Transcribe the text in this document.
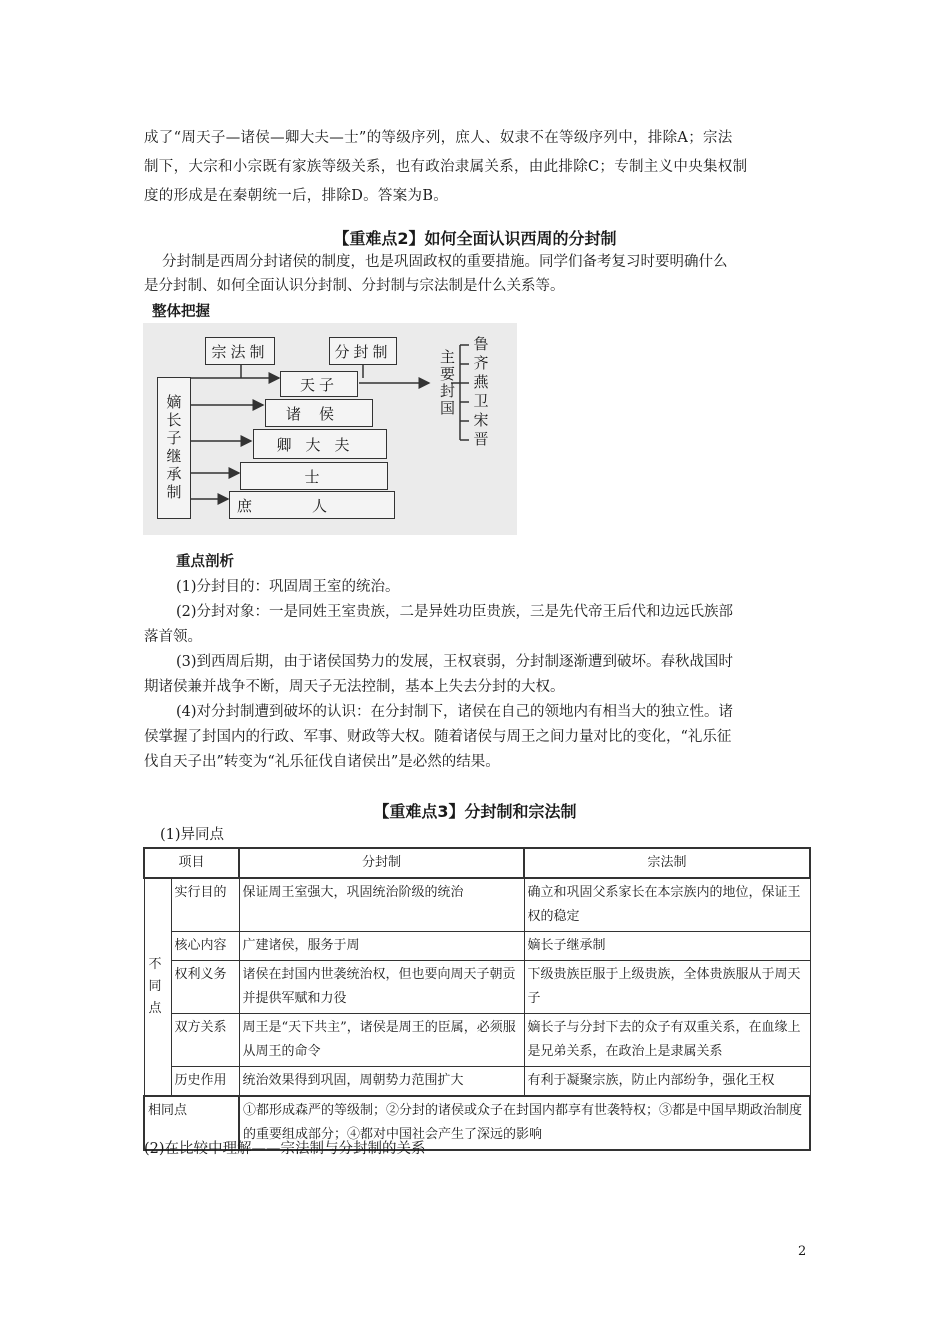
成了“周天子—诸侯—卿大夫—士”的等级序列，庶人、奴隶不在等级序列中，排除A；宗法
制下，大宗和小宗既有家族等级关系，也有政治隶属关系，由此排除C；专制主义中央集权制
度的形成是在秦朝统一后，排除D。答案为B。
【重难点2】如何全面认识西周的分封制
分封制是西周分封诸侯的制度，也是巩固政权的重要措施。同学们备考复习时要明确什么
是分封制、如何全面认识分封制、分封制与宗法制是什么关系等。
整体把握
宗法制	分封制
嫡长子继承制
天子
诸侯
卿大夫
士
庶人
主要封国
鲁
齐
燕
卫
宋
晋
重点剖析
(1)分封目的：巩固周王室的统治。
(2)分封对象：一是同姓王室贵族，二是异姓功臣贵族，三是先代帝王后代和边远氏族部
落首领。
(3)到西周后期，由于诸侯国势力的发展，王权衰弱，分封制逐渐遭到破坏。春秋战国时
期诸侯兼并战争不断，周天子无法控制，基本上失去分封的大权。
(4)对分封制遭到破坏的认识：在分封制下，诸侯在自己的领地内有相当大的独立性。诸
侯掌握了封国内的行政、军事、财政等大权。随着诸侯与周王之间力量对比的变化，“礼乐征
伐自天子出”转变为“礼乐征伐自诸侯出”是必然的结果。
【重难点3】分封制和宗法制
(1)异同点
项目		分封制	宗法制

不同点	实行目的	保证周王室强大，巩固统治阶级的统治	确立和巩固父系家长在本宗族内的地位，保证王权的稳定
	核心内容	广建诸侯，服务于周	嫡长子继承制
	权利义务	诸侯在封国内世袭统治权，但也要向周天子朝贡并提供军赋和力役	下级贵族臣服于上级贵族，全体贵族服从于周天子
	双方关系	周王是“天下共主”，诸侯是周王的臣属，必须服从周王的命令	嫡长子与分封下去的众子有双重关系，在血缘上是兄弟关系，在政治上是隶属关系
	历史作用	统治效果得到巩固，周朝势力范围扩大	有利于凝聚宗族，防止内部纷争，强化王权
相同点		①都形成森严的等级制；②分封的诸侯或众子在封国内都享有世袭特权；③都是中国早期政治制度的重要组成部分；④都对中国社会产生了深远的影响	
(2)在比较中理解——宗法制与分封制的关系
2
